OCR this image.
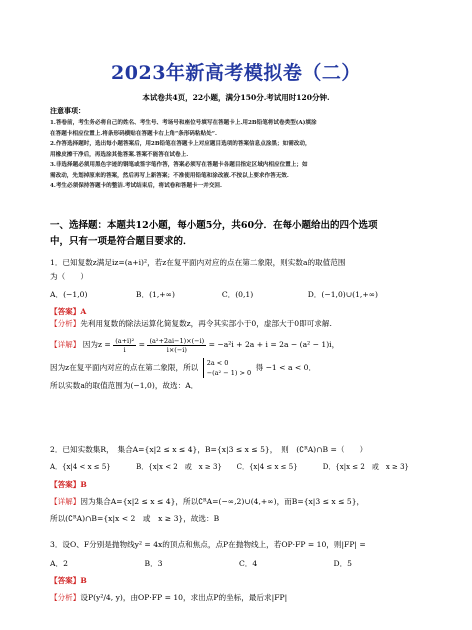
2023年新高考模拟卷（二）
本试卷共4页，22小题，满分150分.考试用时120分钟.
注意事项：

1.答卷前，考生务必将自己的姓名、考生号、考场号和座位号填写在答题卡上.用2B铅笔将试卷类型(A)填涂

在答题卡相应位置上.将条形码横贴在答题卡右上角“条形码粘贴处”.

2.作答选择题时，选出每小题答案后，用2B铅笔在答题卡上对应题目选项的答案信息点涂黑；如需改动，

用橡皮擦干净后，再选涂其他答案.答案不能答在试卷上.

3.非选择题必须用黑色字迹的钢笔或签字笔作答，答案必须写在答题卡各题目指定区域内相应位置上；如

需改动，先划掉原来的答案，然后再写上新答案；不准使用铅笔和涂改液.不按以上要求作答无效.

4.考生必须保持答题卡的整洁.考试结束后，将试卷和答题卡一并交回.

一、选择题：本题共12小题，每小题5分，共60分．在每小题给出的四个选项
中，只有一项是符合题目要求的．
1．已知复数z满足iz=(a+i)²，若z在复平面内对应的点在第二象限，则实数a的取值范围
为（　　）
A．(−1,0)	B．(1,+∞)	C．(0,1)	D．(−1,0)∪(1,+∞)
【答案】A
【分析】先利用复数的除法运算化简复数z，再令其实部小于0，虚部大于0即可求解.
【详解】 因为$z = \frac{\text{(a+i)²}}{i} = \frac{\text{(a²+2ai−1)×(−i)}}{i\times(-i)} = -a^2i + 2a + i = 2a - (a^2 - 1)i$，
因为z在复平面内对应的点在第二象限，所以 2a < 0
−(a² − 1) > 0
得 −1 < a < 0．
所以实数a的取值范围为(−1,0)，故选：A．
2．已知实数集R，　集合A={x|2 ≤ x ≤ 4}，B={x|3 ≤ x ≤ 5}，　则　(∁ᴿA)∩B =（　　）
A．{x|4 < x ≤ 5}	B．{x|x < 2　或　x ≥ 3}	C．{x|4 ≤ x ≤ 5}	D．{x|x ≤ 2　或　x ≥ 3}
【答案】B
【详解】因为集合A={x|2 ≤ x ≤ 4}，所以∁ᴿA=(−∞,2)∪(4,+∞)，而B={x|3 ≤ x ≤ 5}，
所以(∁ᴿA)∩B={x|x < 2　或　x ≥ 3}，故选：B
3．设O、F分别是抛物线y² = 4x的顶点和焦点，点P在抛物线上，若OP·FP = 10，则|FP| =
A．2	B．3	C．4	D．5
【答案】B
【分析】设P(y²/4, y)，由OP·FP = 10，求出点P的坐标，最后求|FP|
